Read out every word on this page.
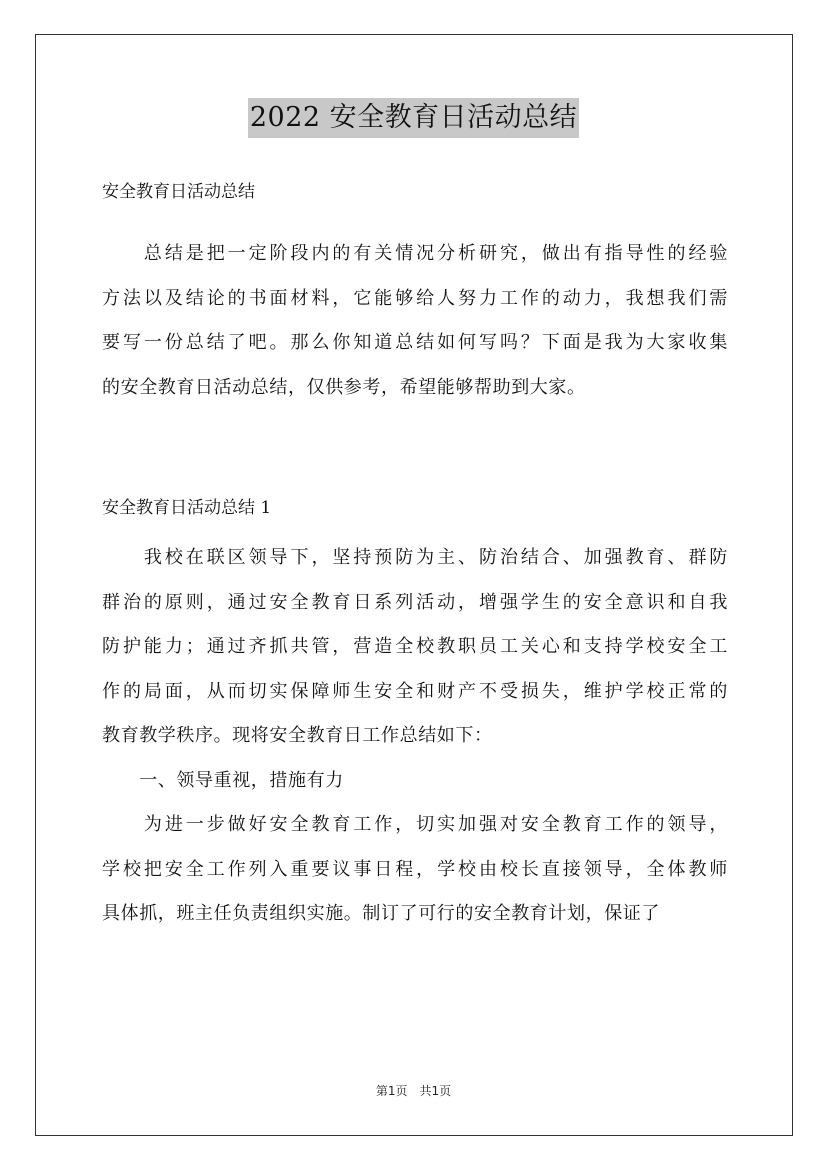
2022 安全教育日活动总结
安全教育日活动总结
　　总结是把一定阶段内的有关情况分析研究，做出有指导性的经验
方法以及结论的书面材料，它能够给人努力工作的动力，我想我们需
要写一份总结了吧。那么你知道总结如何写吗？下面是我为大家收集
的安全教育日活动总结，仅供参考，希望能够帮助到大家。
安全教育日活动总结 1
　　我校在联区领导下，坚持预防为主、防治结合、加强教育、群防
群治的原则，通过安全教育日系列活动，增强学生的安全意识和自我
防护能力；通过齐抓共管，营造全校教职员工关心和支持学校安全工
作的局面，从而切实保障师生安全和财产不受损失，维护学校正常的
教育教学秩序。现将安全教育日工作总结如下：
　　一、领导重视，措施有力
　　为进一步做好安全教育工作，切实加强对安全教育工作的领导，
学校把安全工作列入重要议事日程，学校由校长直接领导，全体教师
具体抓，班主任负责组织实施。制订了可行的安全教育计划，保证了
第1页　共1页
